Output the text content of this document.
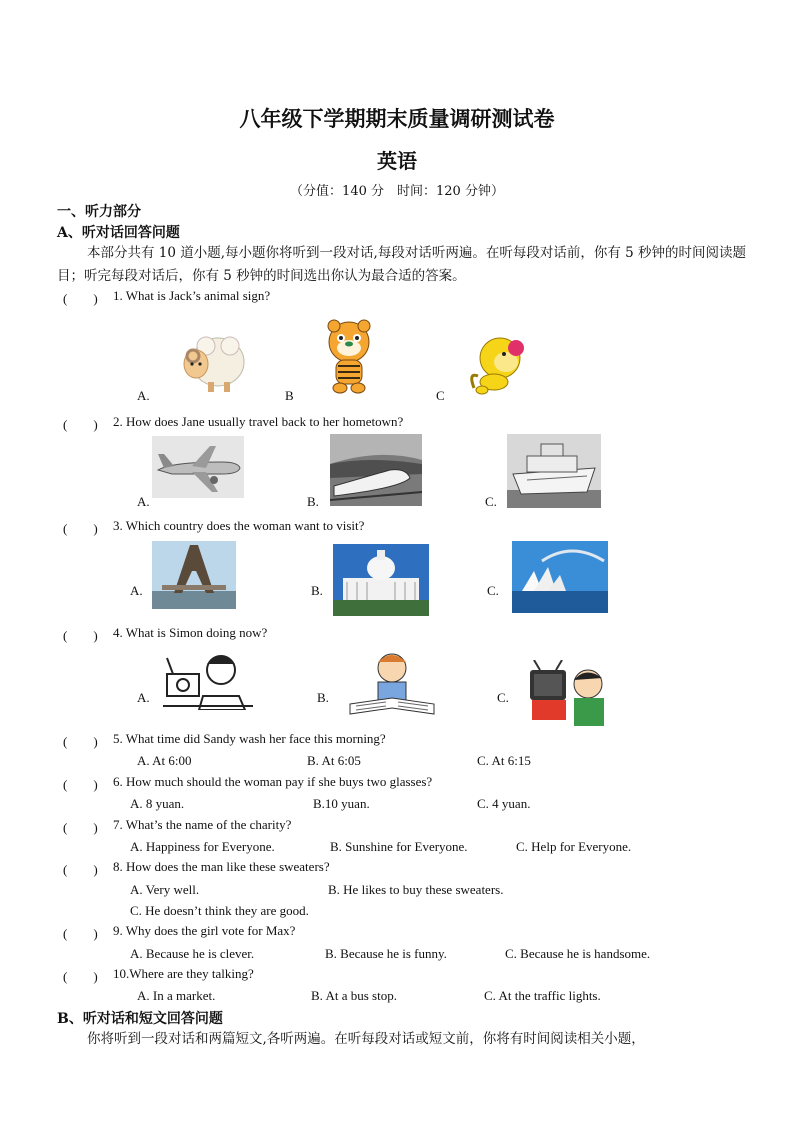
八年级下学期期末质量调研测试卷
英语
（分值：140 分　时间：120 分钟）
一、听力部分
A、听对话回答问题
本部分共有 10 道小题,每小题你将听到一段对话,每段对话听两遍。在听每段对话前，你有 5 秒钟的时间阅读题目；听完每段对话后，你有 5 秒钟的时间选出你认为最合适的答案。
(　　) 1. What is Jack’s animal sign?
A.	B	C
(　　) 2. How does Jane usually travel back to her hometown?
A.	B.	C.
(　　) 3. Which country does the woman want to visit?
A.	B.	C.
(　　) 4. What is Simon doing now?
A.	B.	C.
(　　) 5. What time did Sandy wash her face this morning?
A. At 6:00	B. At 6:05	C. At 6:15
(　　) 6. How much should the woman pay if she buys two glasses?
A. 8 yuan.	B.10 yuan.	C. 4 yuan.
(　　) 7. What’s the name of the charity?
A. Happiness for Everyone.	B. Sunshine for Everyone.	C. Help for Everyone.
(　　) 8. How does the man like these sweaters?
A. Very well.	B. He likes to buy these sweaters.
C. He doesn’t think they are good.
(　　) 9. Why does the girl vote for Max?
A. Because he is clever.	B. Because he is funny.	C. Because he is handsome.
(　　) 10.Where are they talking?
A. In a market.	B. At a bus stop.	C. At the traffic lights.
B、听对话和短文回答问题
你将听到一段对话和两篇短文,各听两遍。在听每段对话或短文前，你将有时间阅读相关小题，
